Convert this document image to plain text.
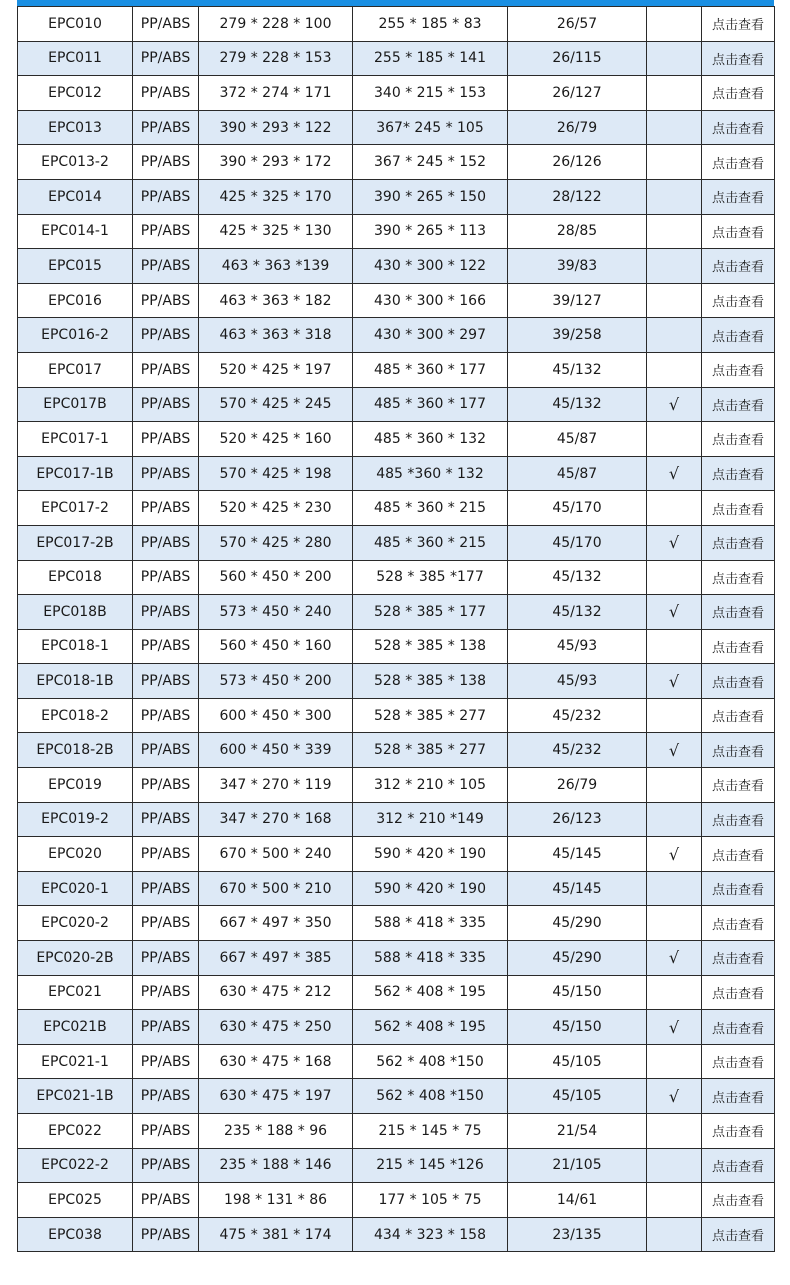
EPC010	PP/ABS	279 * 228 * 100	255 * 185 * 83	26/57		点击查看
EPC011	PP/ABS	279 * 228 * 153	255 * 185 * 141	26/115		点击查看
EPC012	PP/ABS	372 * 274 * 171	340 * 215 * 153	26/127		点击查看
EPC013	PP/ABS	390 * 293 * 122	367* 245 * 105	26/79		点击查看
EPC013-2	PP/ABS	390 * 293 * 172	367 * 245 * 152	26/126		点击查看
EPC014	PP/ABS	425 * 325 * 170	390 * 265 * 150	28/122		点击查看
EPC014-1	PP/ABS	425 * 325 * 130	390 * 265 * 113	28/85		点击查看
EPC015	PP/ABS	463 * 363 *139	430 * 300 * 122	39/83		点击查看
EPC016	PP/ABS	463 * 363 * 182	430 * 300 * 166	39/127		点击查看
EPC016-2	PP/ABS	463 * 363 * 318	430 * 300 * 297	39/258		点击查看
EPC017	PP/ABS	520 * 425 * 197	485 * 360 * 177	45/132		点击查看
EPC017B	PP/ABS	570 * 425 * 245	485 * 360 * 177	45/132	√	点击查看
EPC017-1	PP/ABS	520 * 425 * 160	485 * 360 * 132	45/87		点击查看
EPC017-1B	PP/ABS	570 * 425 * 198	485 *360 * 132	45/87	√	点击查看
EPC017-2	PP/ABS	520 * 425 * 230	485 * 360 * 215	45/170		点击查看
EPC017-2B	PP/ABS	570 * 425 * 280	485 * 360 * 215	45/170	√	点击查看
EPC018	PP/ABS	560 * 450 * 200	528 * 385 *177	45/132		点击查看
EPC018B	PP/ABS	573 * 450 * 240	528 * 385 * 177	45/132	√	点击查看
EPC018-1	PP/ABS	560 * 450 * 160	528 * 385 * 138	45/93		点击查看
EPC018-1B	PP/ABS	573 * 450 * 200	528 * 385 * 138	45/93	√	点击查看
EPC018-2	PP/ABS	600 * 450 * 300	528 * 385 * 277	45/232		点击查看
EPC018-2B	PP/ABS	600 * 450 * 339	528 * 385 * 277	45/232	√	点击查看
EPC019	PP/ABS	347 * 270 * 119	312 * 210 * 105	26/79		点击查看
EPC019-2	PP/ABS	347 * 270 * 168	312 * 210 *149	26/123		点击查看
EPC020	PP/ABS	670 * 500 * 240	590 * 420 * 190	45/145	√	点击查看
EPC020-1	PP/ABS	670 * 500 * 210	590 * 420 * 190	45/145		点击查看
EPC020-2	PP/ABS	667 * 497 * 350	588 * 418 * 335	45/290		点击查看
EPC020-2B	PP/ABS	667 * 497 * 385	588 * 418 * 335	45/290	√	点击查看
EPC021	PP/ABS	630 * 475 * 212	562 * 408 * 195	45/150		点击查看
EPC021B	PP/ABS	630 * 475 * 250	562 * 408 * 195	45/150	√	点击查看
EPC021-1	PP/ABS	630 * 475 * 168	562 * 408 *150	45/105		点击查看
EPC021-1B	PP/ABS	630 * 475 * 197	562 * 408 *150	45/105	√	点击查看
EPC022	PP/ABS	235 * 188 * 96	215 * 145 * 75	21/54		点击查看
EPC022-2	PP/ABS	235 * 188 * 146	215 * 145 *126	21/105		点击查看
EPC025	PP/ABS	198 * 131 * 86	177 * 105 * 75	14/61		点击查看
EPC038	PP/ABS	475 * 381 * 174	434 * 323 * 158	23/135		点击查看
